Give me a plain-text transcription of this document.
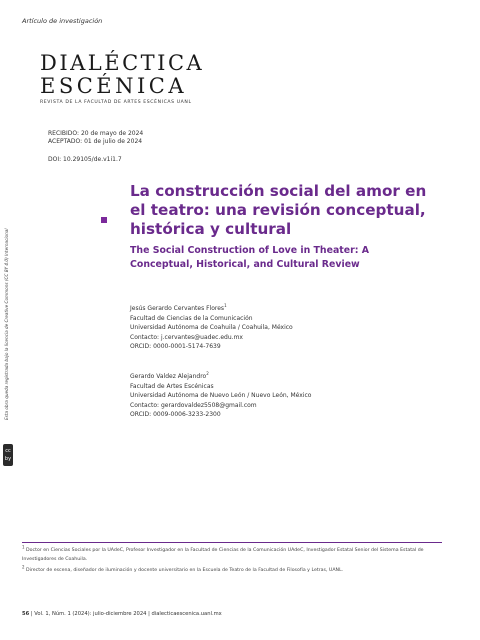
Artículo de investigación
DIALÉCTICA
ESCÉNICA
REVISTA DE LA FACULTAD DE ARTES ESCÉNICAS UANL
RECIBIDO: 20 de mayo de 2024
ACEPTADO: 01 de julio de 2024
DOI: 10.29105/de.v1i1.7
Esta obra queda registrada bajo la licencia de Creative Commons (CC BY 4.0) Internacional
cc
by
La construcción social del amor en el teatro: una revisión conceptual, histórica y cultural
The Social Construction of Love in Theater: A Conceptual, Historical, and Cultural Review
Jesús Gerardo Cervantes Flores$^1$
Facultad de Ciencias de la Comunicación
Universidad Autónoma de Coahuila / Coahuila, México
Contacto: j.cervantes@uadec.edu.mx
ORCID: 0000-0001-5174-7639
Gerardo Valdez Alejandro$^2$
Facultad de Artes Escénicas
Universidad Autónoma de Nuevo León / Nuevo León, México
Contacto: gerardovaldez5508@gmail.com
ORCID: 0009-0006-3233-2300

$^1$ Doctor en Ciencias Sociales por la UAdeC, Profesor Investigador en la Facultad de Ciencias de la Comunicación UAdeC, Investigador Estatal Senior del Sistema Estatal de Investigadores de Coahuila.

$^2$ Director de escena, diseñador de iluminación y docente universitario en la Escuela de Teatro de la Facultad de Filosofía y Letras, UANL.

56 | Vol. 1, Núm. 1 (2024): julio-diciembre 2024 | dialecticaescenica.uanl.mx
